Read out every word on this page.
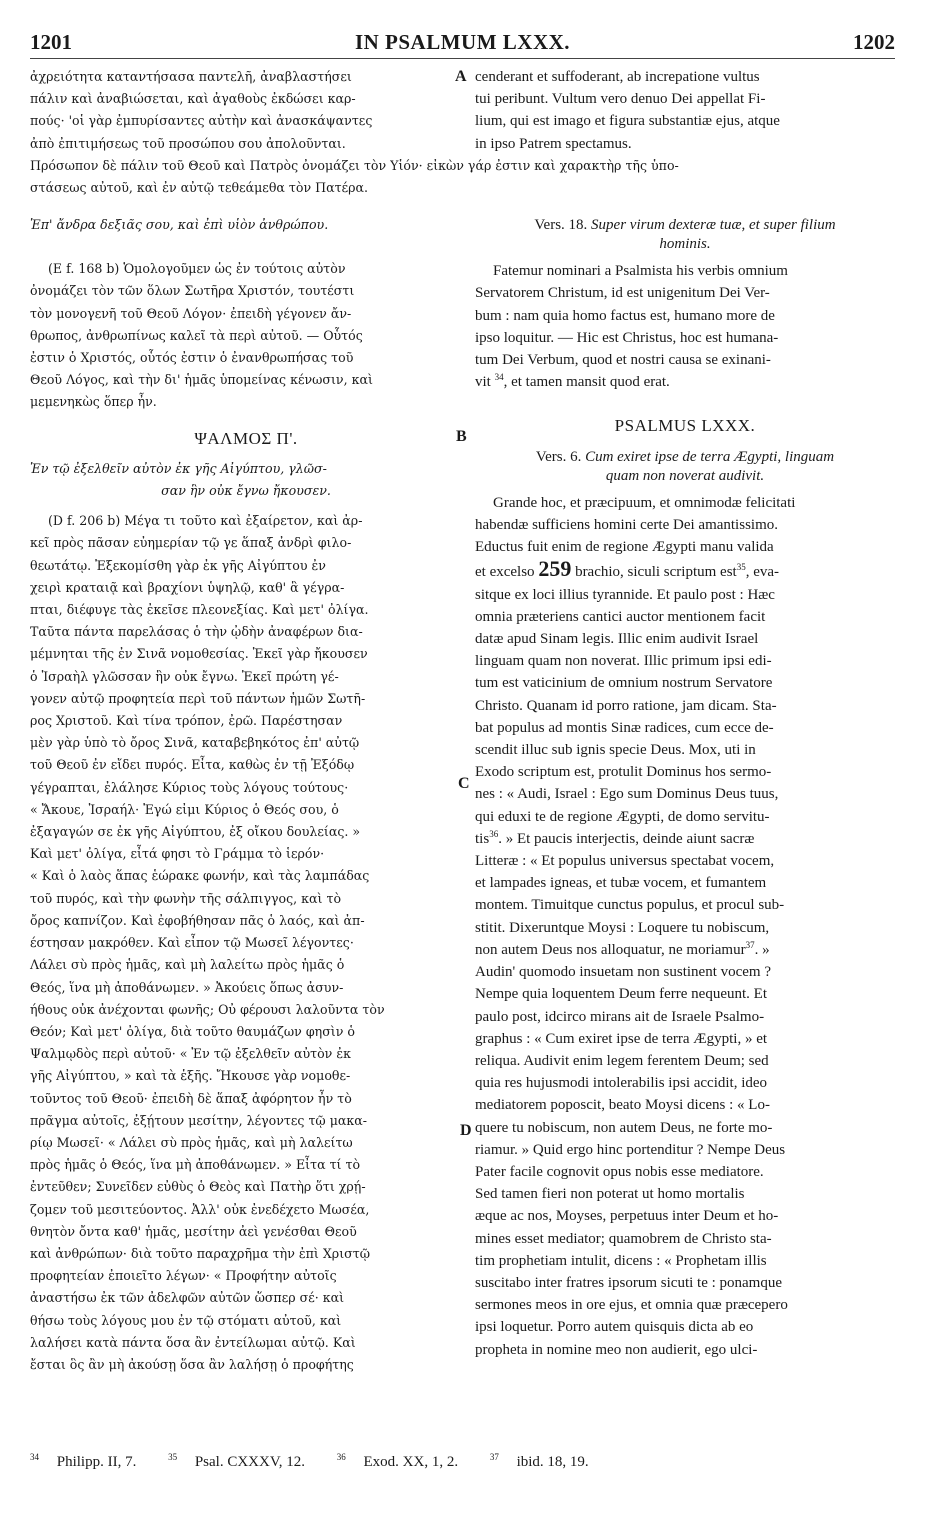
1201	IN PSALMUM LXXX.	1202

ἀχρειότητα καταντήσασα παντελῆ, ἀναβλαστήσει

πάλιν καὶ ἀναβιώσεται, καὶ ἀγαθοὺς ἐκδώσει καρ-

πούς· 'οἱ γὰρ ἐμπυρίσαντες αὐτὴν καὶ ἀνασκάψαντες

ἀπὸ ἐπιτιμήσεως τοῦ προσώπου σου ἀπολοῦνται.

cenderant et suffoderant, ab increpatione vultus

tui peribunt. Vultum vero denuo Dei appellat Fi-

lium, qui est imago et figura substantiæ ejus, atque

in ipso Patrem spectamus.

Πρόσωπον δὲ πάλιν τοῦ Θεοῦ καὶ Πατρὸς ὀνομάζει τὸν Υἱόν· εἰκὼν γάρ ἐστιν καὶ χαρακτὴρ τῆς ὑπο-
στάσεως αὐτοῦ, καὶ ἐν αὐτῷ τεθεάμεθα τὸν Πατέρα.

Ἐπ' ἄνδρα δεξιᾶς σου, καὶ ἐπὶ υἱὸν ἀνθρώπου.

(E f. 168 b) Ὁμολογοῦμεν ὡς ἐν τούτοις αὐτὸν

ὀνομάζει τὸν τῶν ὅλων Σωτῆρα Χριστόν, τουτέστι

τὸν μονογενῆ τοῦ Θεοῦ Λόγον· ἐπειδὴ γέγονεν ἄν-

θρωπος, ἀνθρωπίνως καλεῖ τὰ περὶ αὐτοῦ. — Οὗτός

ἐστιν ὁ Χριστός, οὗτός ἐστιν ὁ ἐνανθρωπήσας τοῦ

Θεοῦ Λόγος, καὶ τὴν δι' ἡμᾶς ὑπομείνας κένωσιν, καὶ

μεμενηκὼς ὅπερ ἦν.

ΨΑΛΜΟΣ Π'.

Ἐν τῷ ἐξελθεῖν αὐτὸν ἐκ γῆς Αἰγύπτου, γλῶσ-

σαν ἣν οὐκ ἔγνω ἤκουσεν.

(D f. 206 b) Μέγα τι τοῦτο καὶ ἐξαίρετον, καὶ ἀρ-

κεῖ πρὸς πᾶσαν εὐημερίαν τῷ γε ἅπαξ ἀνδρὶ φιλο-

θεωτάτῳ. Ἐξεκομίσθη γὰρ ἐκ γῆς Αἰγύπτου ἐν

χειρὶ κραταιᾷ καὶ βραχίονι ὑψηλῷ, καθ' ἃ γέγρα-

πται, διέφυγε τὰς ἐκεῖσε πλεονεξίας. Καὶ μετ' ὀλίγα.

Ταῦτα πάντα παρελάσας ὁ τὴν ᾠδὴν ἀναφέρων δια-

μέμνηται τῆς ἐν Σινᾶ νομοθεσίας. Ἐκεῖ γὰρ ἤκουσεν

ὁ Ἰσραὴλ γλῶσσαν ἣν οὐκ ἔγνω. Ἐκεῖ πρώτη γέ-

γονεν αὐτῷ προφητεία περὶ τοῦ πάντων ἡμῶν Σωτῆ-

ρος Χριστοῦ. Καὶ τίνα τρόπον, ἐρῶ. Παρέστησαν

μὲν γὰρ ὑπὸ τὸ ὄρος Σινᾶ, καταβεβηκότος ἐπ' αὐτῷ

τοῦ Θεοῦ ἐν εἴδει πυρός. Εἶτα, καθὼς ἐν τῇ Ἐξόδῳ

γέγραπται, ἐλάλησε Κύριος τοὺς λόγους τούτους·

« Ἄκουε, Ἰσραήλ· Ἐγώ εἰμι Κύριος ὁ Θεός σου, ὁ

ἐξαγαγών σε ἐκ γῆς Αἰγύπτου, ἐξ οἴκου δουλείας. »

Καὶ μετ' ὀλίγα, εἶτά φησι τὸ Γράμμα τὸ ἱερόν·

« Καὶ ὁ λαὸς ἅπας ἑώρακε φωνήν, καὶ τὰς λαμπάδας

τοῦ πυρός, καὶ τὴν φωνὴν τῆς σάλπιγγος, καὶ τὸ

ὄρος καπνίζον. Καὶ ἐφοβήθησαν πᾶς ὁ λαός, καὶ ἀπ-

έστησαν μακρόθεν. Καὶ εἶπον τῷ Μωσεῖ λέγοντες·

Λάλει σὺ πρὸς ἡμᾶς, καὶ μὴ λαλείτω πρὸς ἡμᾶς ὁ

Θεός, ἵνα μὴ ἀποθάνωμεν. » Ἀκούεις ὅπως ἀσυν-

ήθους οὐκ ἀνέχονται φωνῆς; Οὐ φέρουσι λαλοῦντα τὸν

Θεόν; Καὶ μετ' ὀλίγα, διὰ τοῦτο θαυμάζων φησὶν ὁ

Ψαλμῳδὸς περὶ αὐτοῦ· « Ἐν τῷ ἐξελθεῖν αὐτὸν ἐκ

γῆς Αἰγύπτου, » καὶ τὰ ἑξῆς. Ἤκουσε γὰρ νομοθε-

τοῦντος τοῦ Θεοῦ· ἐπειδὴ δὲ ἅπαξ ἀφόρητον ἦν τὸ

πρᾶγμα αὐτοῖς, ἐξῄτουν μεσίτην, λέγοντες τῷ μακα-

ρίῳ Μωσεῖ· « Λάλει σὺ πρὸς ἡμᾶς, καὶ μὴ λαλείτω

πρὸς ἡμᾶς ὁ Θεός, ἵνα μὴ ἀποθάνωμεν. » Εἶτα τί τὸ

ἐντεῦθεν; Συνεῖδεν εὐθὺς ὁ Θεὸς καὶ Πατὴρ ὅτι χρῄ-

ζομεν τοῦ μεσιτεύοντος. Ἀλλ' οὐκ ἐνεδέχετο Μωσέα,

θνητὸν ὄντα καθ' ἡμᾶς, μεσίτην ἀεὶ γενέσθαι Θεοῦ

καὶ ἀνθρώπων· διὰ τοῦτο παραχρῆμα τὴν ἐπὶ Χριστῷ

προφητείαν ἐποιεῖτο λέγων· « Προφήτην αὐτοῖς

ἀναστήσω ἐκ τῶν ἀδελφῶν αὐτῶν ὥσπερ σέ· καὶ

θήσω τοὺς λόγους μου ἐν τῷ στόματι αὐτοῦ, καὶ

λαλήσει κατὰ πάντα ὅσα ἂν ἐντείλωμαι αὐτῷ. Καὶ

ἔσται ὃς ἂν μὴ ἀκούσῃ ὅσα ἂν λαλήσῃ ὁ προφήτης

Vers. 18. Super virum dexteræ tuæ, et super filium

hominis.

Fatemur nominari a Psalmista his verbis omnium

Servatorem Christum, id est unigenitum Dei Ver-

bum : nam quia homo factus est, humano more de

ipso loquitur. — Hic est Christus, hoc est humana-

tum Dei Verbum, quod et nostri causa se exinani-

vit $^{34}$, et tamen mansit quod erat.

PSALMUS LXXX.

Vers. 6. Cum exiret ipse de terra Ægypti, linguam

quam non noverat audivit.

Grande hoc, et præcipuum, et omnimodæ felicitati

habendæ sufficiens homini certe Dei amantissimo.

Eductus fuit enim de regione Ægypti manu valida

et excelso 259 brachio, siculi scriptum est$^{35}$, eva-

sitque ex loci illius tyrannide. Et paulo post : Hæc

omnia præteriens cantici auctor mentionem facit

datæ apud Sinam legis. Illic enim audivit Israel

linguam quam non noverat. Illic primum ipsi edi-

tum est vaticinium de omnium nostrum Servatore

Christo. Quanam id porro ratione, jam dicam. Sta-

bat populus ad montis Sinæ radices, cum ecce de-

scendit illuc sub ignis specie Deus. Mox, uti in

Exodo scriptum est, protulit Dominus hos sermo-

nes : « Audi, Israel : Ego sum Dominus Deus tuus,

qui eduxi te de regione Ægypti, de domo servitu-

tis$^{36}$. » Et paucis interjectis, deinde aiunt sacræ

Litteræ : « Et populus universus spectabat vocem,

et lampades igneas, et tubæ vocem, et fumantem

montem. Timuitque cunctus populus, et procul sub-

stitit. Dixeruntque Moysi : Loquere tu nobiscum,

non autem Deus nos alloquatur, ne moriamur$^{37}$. »

Audin' quomodo insuetam non sustinent vocem ?

Nempe quia loquentem Deum ferre nequeunt. Et

paulo post, idcirco mirans ait de Israele Psalmo-

graphus : « Cum exiret ipse de terra Ægypti, » et

reliqua. Audivit enim legem ferentem Deum; sed

quia res hujusmodi intolerabilis ipsi accidit, ideo

mediatorem poposcit, beato Moysi dicens : « Lo-

quere tu nobiscum, non autem Deus, ne forte mo-

riamur. » Quid ergo hinc portenditur ? Nempe Deus

Pater facile cognovit opus nobis esse mediatore.

Sed tamen fieri non poterat ut homo mortalis

æque ac nos, Moyses, perpetuus inter Deum et ho-

mines esset mediator; quamobrem de Christo sta-

tim prophetiam intulit, dicens : « Prophetam illis

suscitabo inter fratres ipsorum sicuti te : ponamque

sermones meos in ore ejus, et omnia quæ præcepero

ipsi loquetur. Porro autem quisquis dicta ab eo

propheta in nomine meo non audierit, ego ulci-

A
B
C
D
$^{34}$ Philipp. II, 7.	$^{35}$ Psal. CXXXV, 12.	$^{36}$ Exod. XX, 1, 2.	$^{37}$ ibid. 18, 19.
